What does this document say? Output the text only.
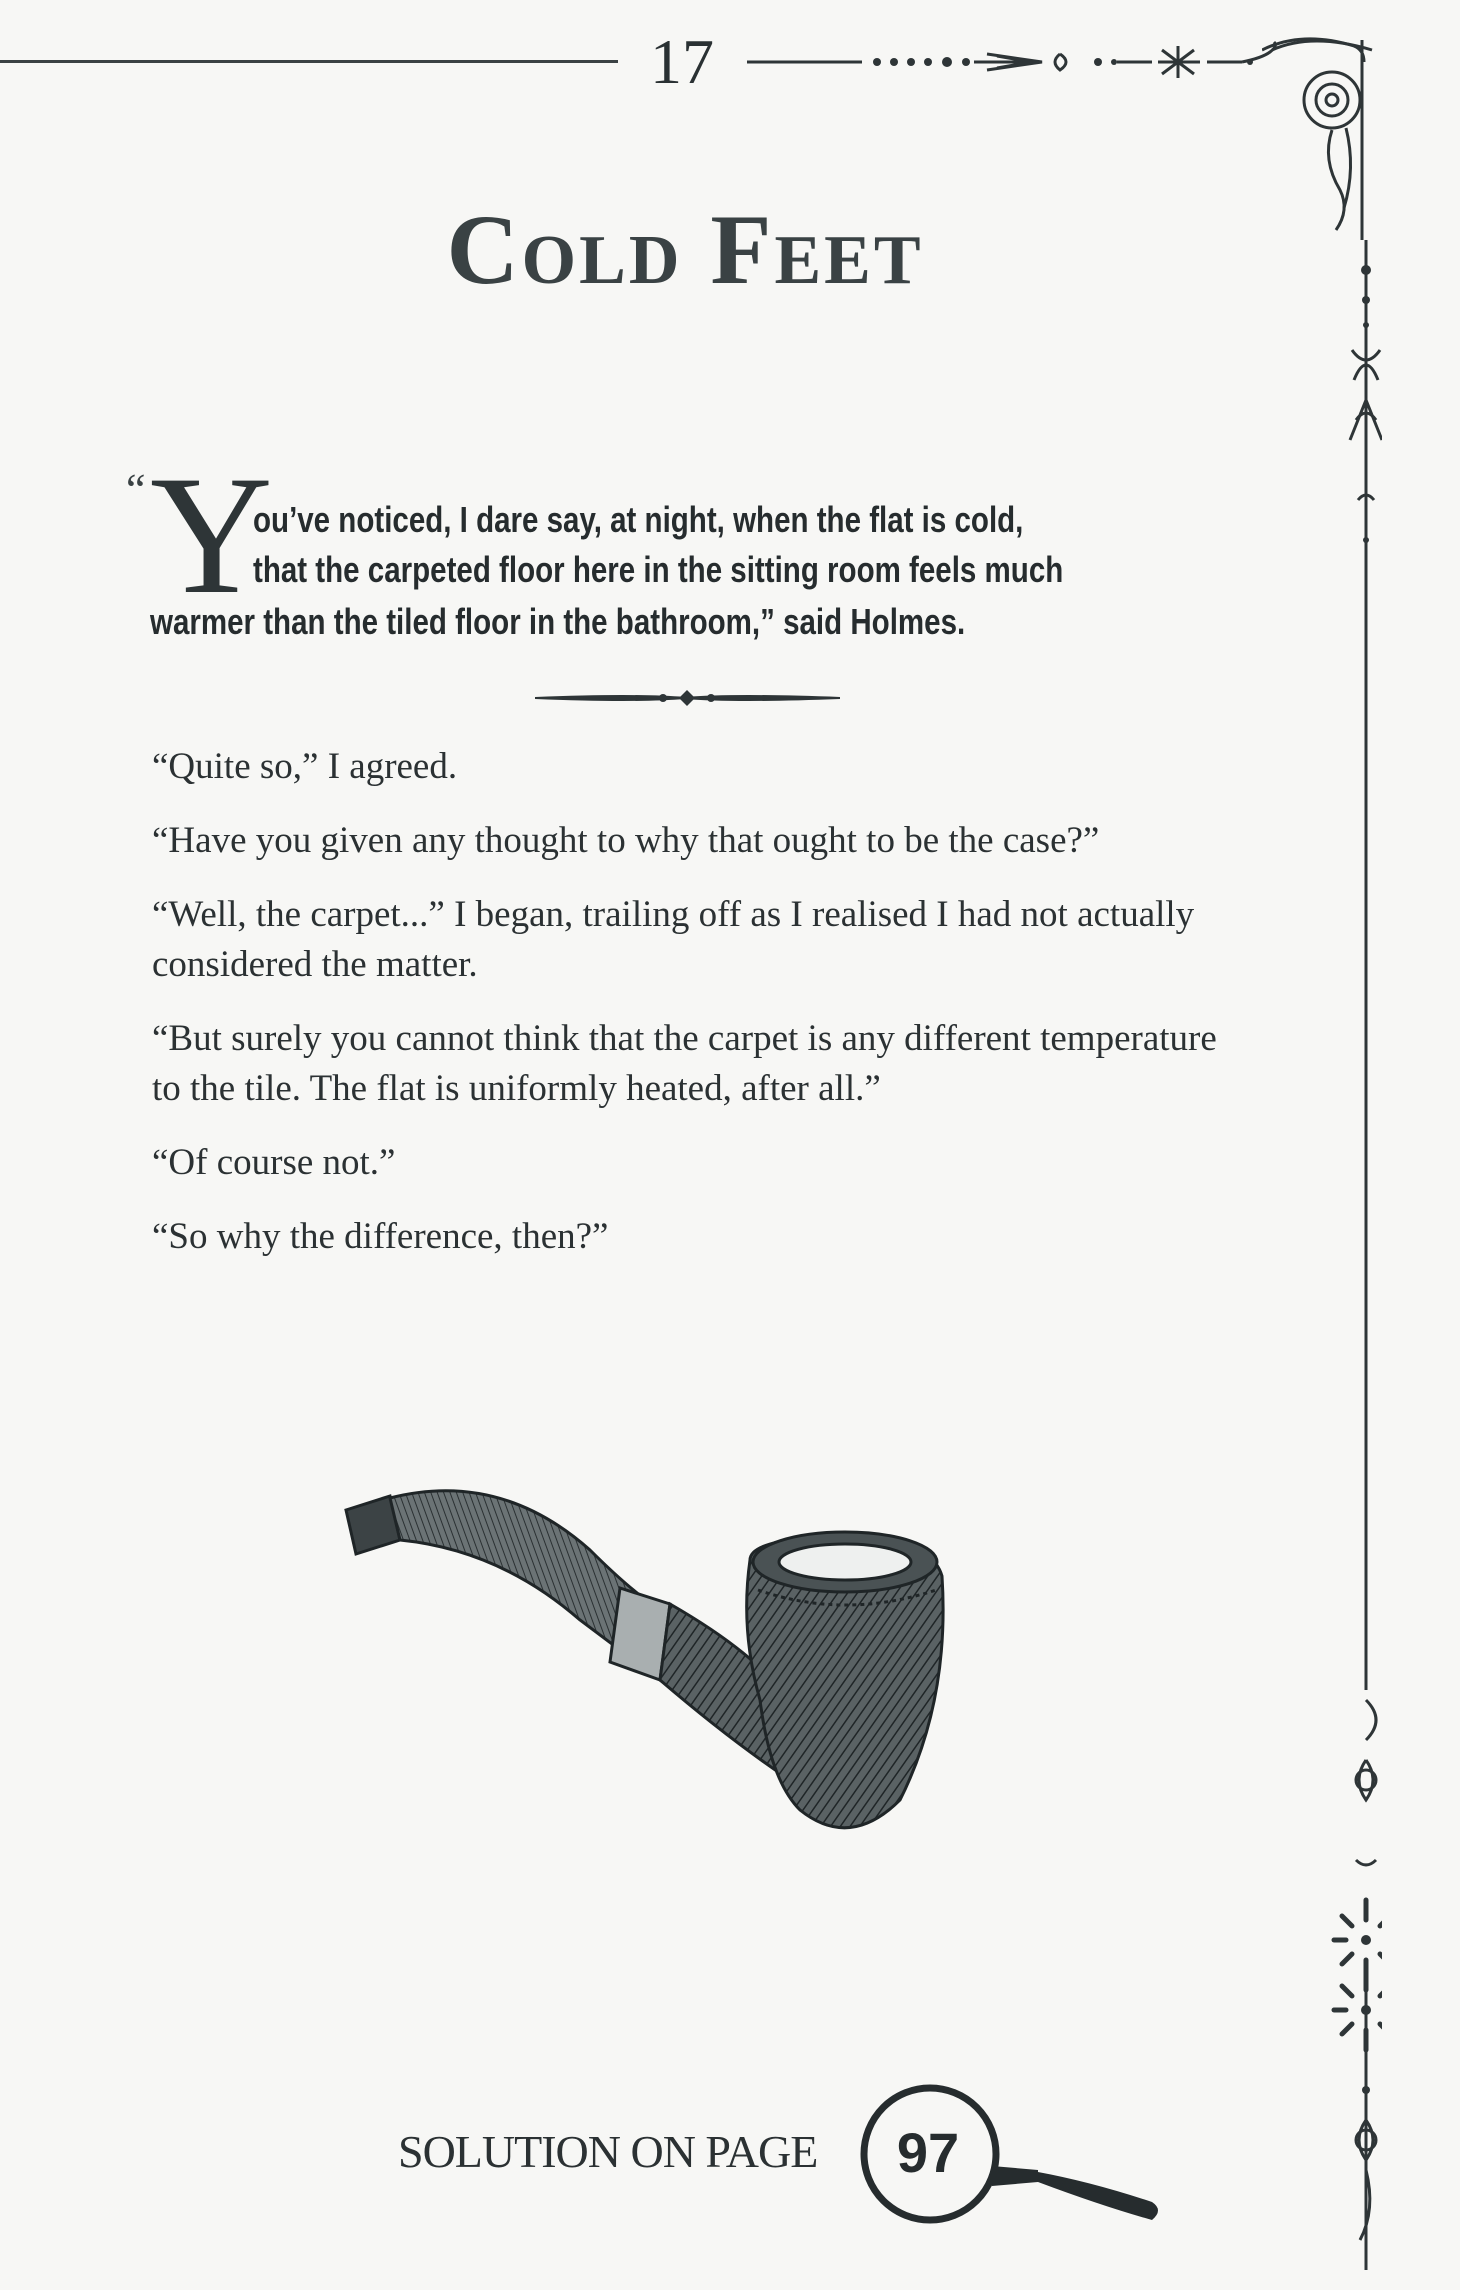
17
Cold Feet
“ Y
ou’ve noticed, I dare say, at night, when the flat is cold,
that the carpeted floor here in the sitting room feels much
warmer than the tiled floor in the bathroom,” said Holmes.

“Quite so,” I agreed.

“Have you given any thought to why that ought to be the case?”

“Well, the carpet...” I began, trailing off as I realised I had not actually considered the matter.

“But surely you cannot think that the carpet is any different temperature to the tile. The flat is uniformly heated, after all.”

“Of course not.”

“So why the difference, then?”

SOLUTION ON PAGE	97
